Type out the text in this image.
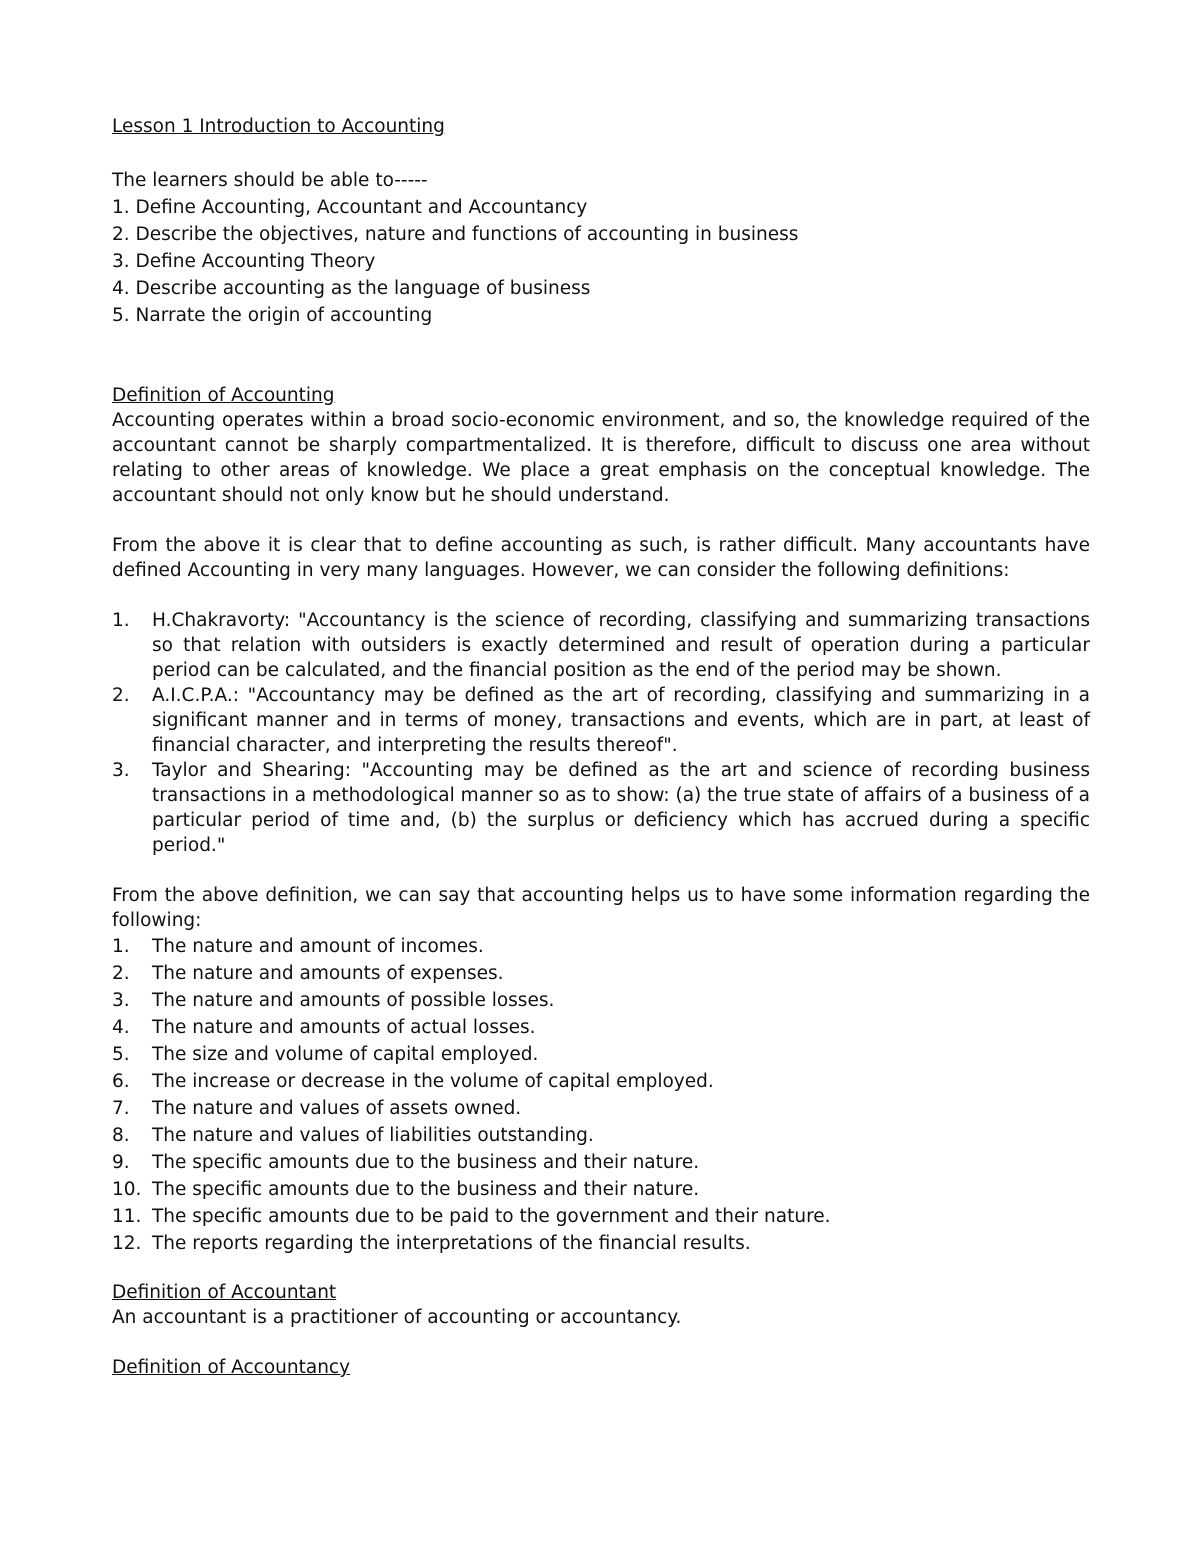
Lesson 1 Introduction to Accounting

The learners should be able to-----

1. Define Accounting, Accountant and Accountancy
2. Describe the objectives, nature and functions of accounting in business
3. Define Accounting Theory
4. Describe accounting as the language of business
5. Narrate the origin of accounting

Definition of Accounting

Accounting operates within a broad socio-economic environment, and so, the knowledge required of the accountant cannot be sharply compartmentalized. It is therefore, difficult to discuss one area without relating to other areas of knowledge. We place a great emphasis on the conceptual knowledge. The accountant should not only know but he should understand.

From the above it is clear that to define accounting as such, is rather difficult. Many accountants have defined Accounting in very many languages. However, we can consider the following definitions:

1.	H.Chakravorty: "Accountancy is the science of recording, classifying and summarizing transactions so that relation with outsiders is exactly determined and result of operation during a particular period can be calculated, and the financial position as the end of the period may be shown.
2.	A.I.C.P.A.: "Accountancy may be defined as the art of recording, classifying and summarizing in a significant manner and in terms of money, transactions and events, which are in part, at least of financial character, and interpreting the results thereof".
3.	Taylor and Shearing: "Accounting may be defined as the art and science of recording business transactions in a methodological manner so as to show: (a) the true state of affairs of a business of a particular period of time and, (b) the surplus or deficiency which has accrued during a specific period."

From the above definition, we can say that accounting helps us to have some information regarding the following:

1.	The nature and amount of incomes.
2.	The nature and amounts of expenses.
3.	The nature and amounts of possible losses.
4.	The nature and amounts of actual losses.
5.	The size and volume of capital employed.
6.	The increase or decrease in the volume of capital employed.
7.	The nature and values of assets owned.
8.	The nature and values of liabilities outstanding.
9.	The specific amounts due to the business and their nature.
10. The specific amounts due to the business and their nature.
11. The specific amounts due to be paid to the government and their nature.
12. The reports regarding the interpretations of the financial results.

Definition of Accountant

An accountant is a practitioner of accounting or accountancy.

Definition of Accountancy
